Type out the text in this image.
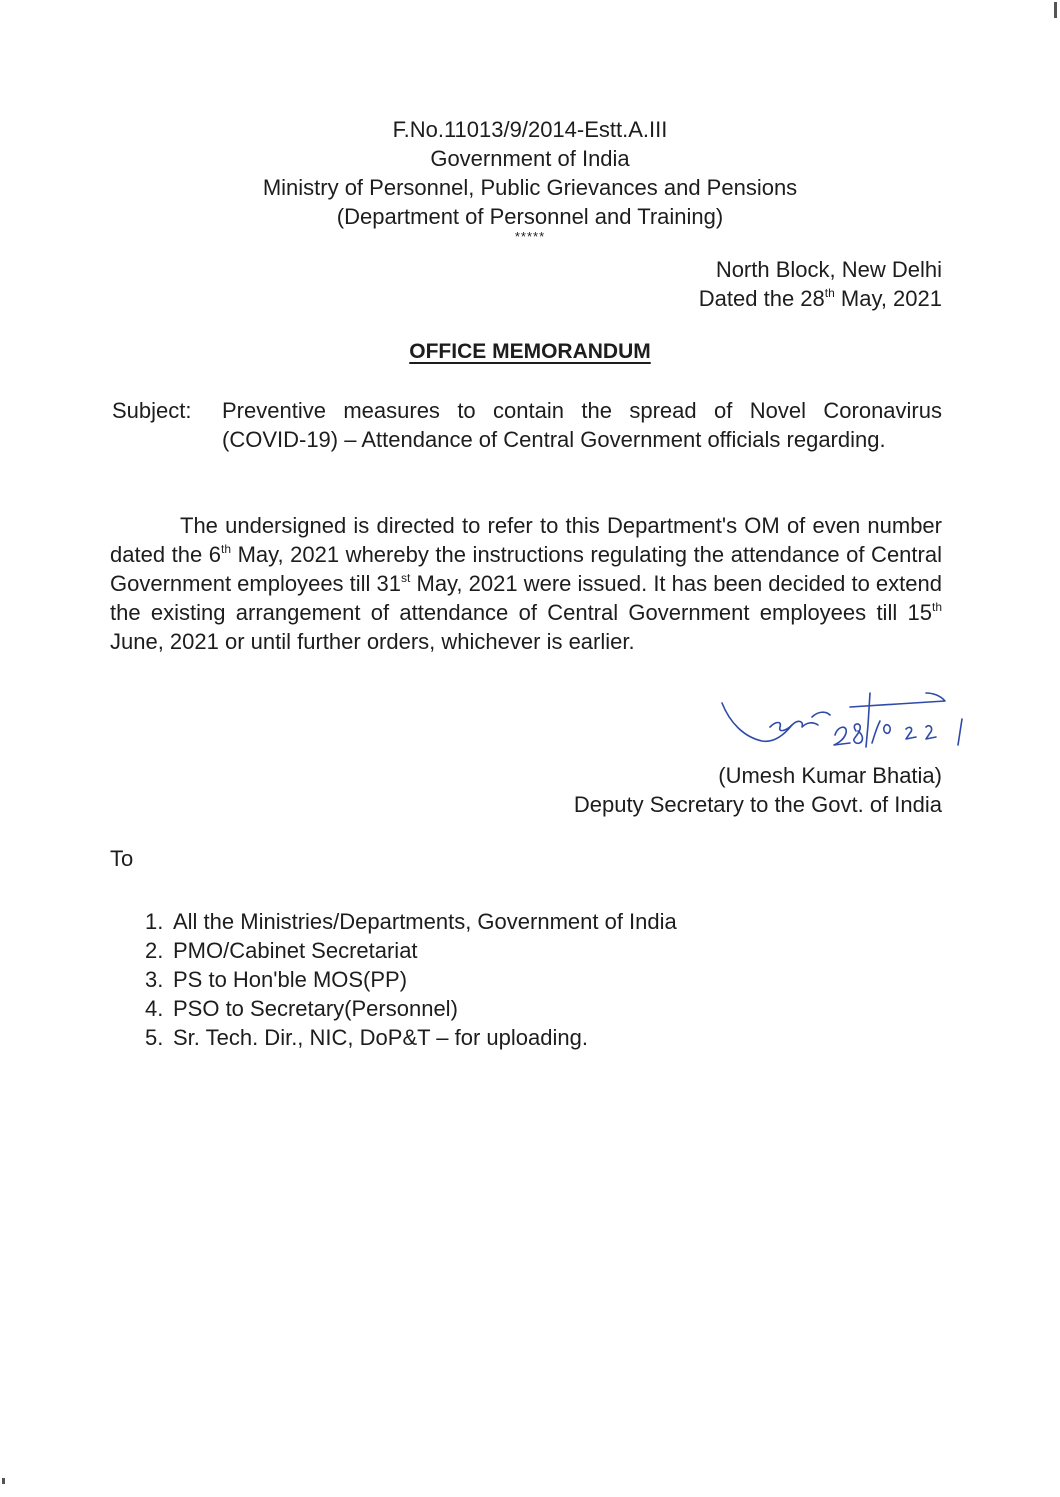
F.No.11013/9/2014-Estt.A.III
Government of India
Ministry of Personnel, Public Grievances and Pensions
(Department of Personnel and Training)
*****
North Block, New Delhi
Dated the 28th May, 2021
OFFICE MEMORANDUM
Subject:	Preventive measures to contain the spread of Novel Coronavirus (COVID-19) – Attendance of Central Government officials regarding.
The undersigned is directed to refer to this Department's OM of even number dated the 6th May, 2021 whereby the instructions regulating the attendance of Central Government employees till 31st May, 2021 were issued. It has been decided to extend the existing arrangement of attendance of Central Government employees till 15th June, 2021 or until further orders, whichever is earlier.
(Umesh Kumar Bhatia)
Deputy Secretary to the Govt. of India
To
1. All the Ministries/Departments, Government of India
2. PMO/Cabinet Secretariat
3. PS to Hon'ble MOS(PP)
4. PSO to Secretary(Personnel)
5. Sr. Tech. Dir., NIC, DoP&T – for uploading.
